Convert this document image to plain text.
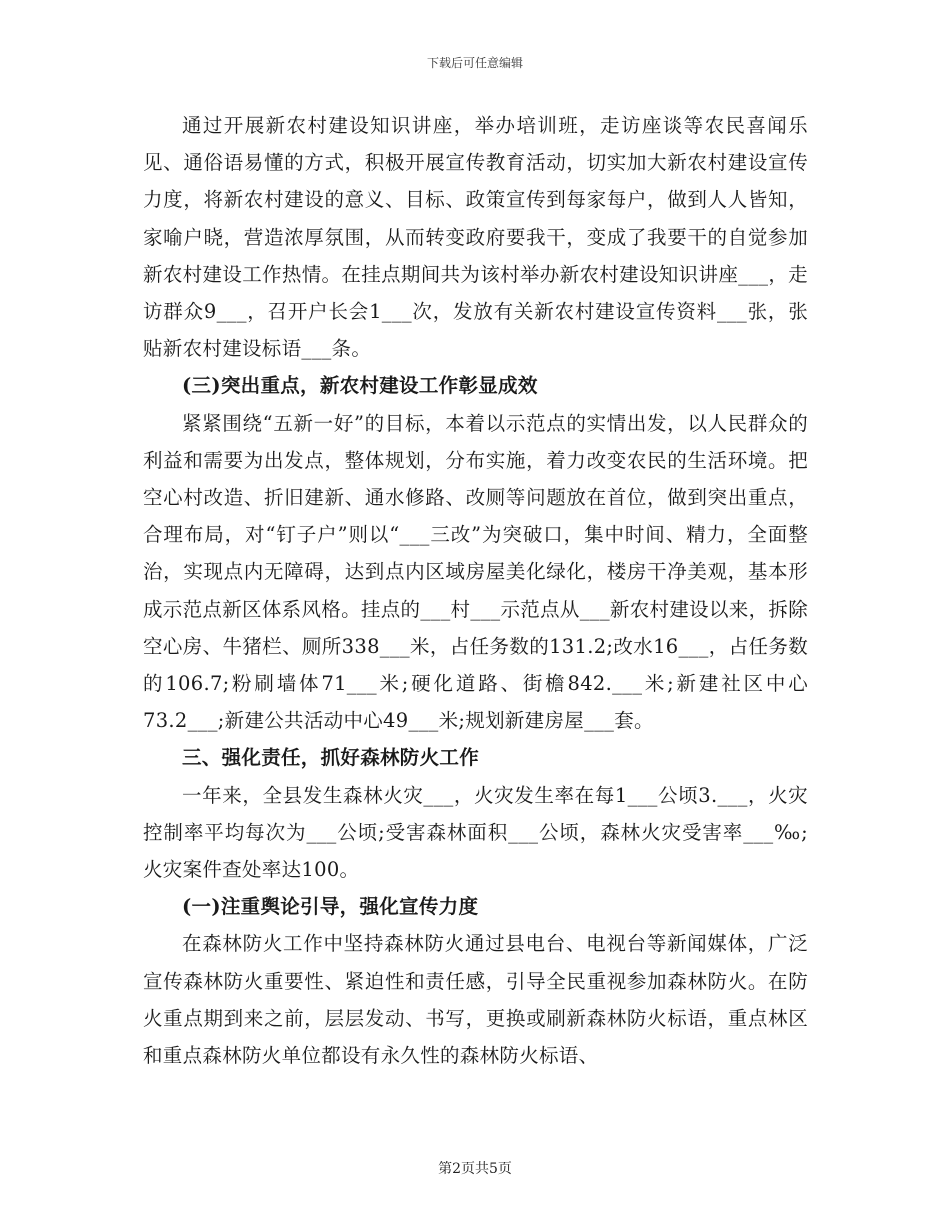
下载后可任意编辑

通过开展新农村建设知识讲座，举办培训班，走访座谈等农民喜闻乐见、通俗语易懂的方式，积极开展宣传教育活动，切实加大新农村建设宣传力度，将新农村建设的意义、目标、政策宣传到每家每户，做到人人皆知，家喻户晓，营造浓厚氛围，从而转变政府要我干，变成了我要干的自觉参加新农村建设工作热情。在挂点期间共为该村举办新农村建设知识讲座___，走访群众9___，召开户长会1___次，发放有关新农村建设宣传资料___张，张贴新农村建设标语___条。

(三)突出重点，新农村建设工作彰显成效

紧紧围绕“五新一好”的目标，本着以示范点的实情出发，以人民群众的利益和需要为出发点，整体规划，分布实施，着力改变农民的生活环境。把空心村改造、折旧建新、通水修路、改厕等问题放在首位，做到突出重点，合理布局，对“钉子户”则以“___三改”为突破口，集中时间、精力，全面整治，实现点内无障碍，达到点内区域房屋美化绿化，楼房干净美观，基本形成示范点新区体系风格。挂点的___村___示范点从___新农村建设以来，拆除空心房、牛猪栏、厕所338___米，占任务数的131.2;改水16___，占任务数的106.7;粉刷墙体71___米;硬化道路、街檐842.___米;新建社区中心73.2___;新建公共活动中心49___米;规划新建房屋___套。

三、强化责任，抓好森林防火工作

一年来，全县发生森林火灾___，火灾发生率在每1___公顷3.___，火灾控制率平均每次为___公顷;受害森林面积___公顷，森林火灾受害率___‰;火灾案件查处率达100。

(一)注重舆论引导，强化宣传力度

在森林防火工作中坚持森林防火通过县电台、电视台等新闻媒体，广泛宣传森林防火重要性、紧迫性和责任感，引导全民重视参加森林防火。在防火重点期到来之前，层层发动、书写，更换或刷新森林防火标语，重点林区和重点森林防火单位都设有永久性的森林防火标语、

第2页共5页
